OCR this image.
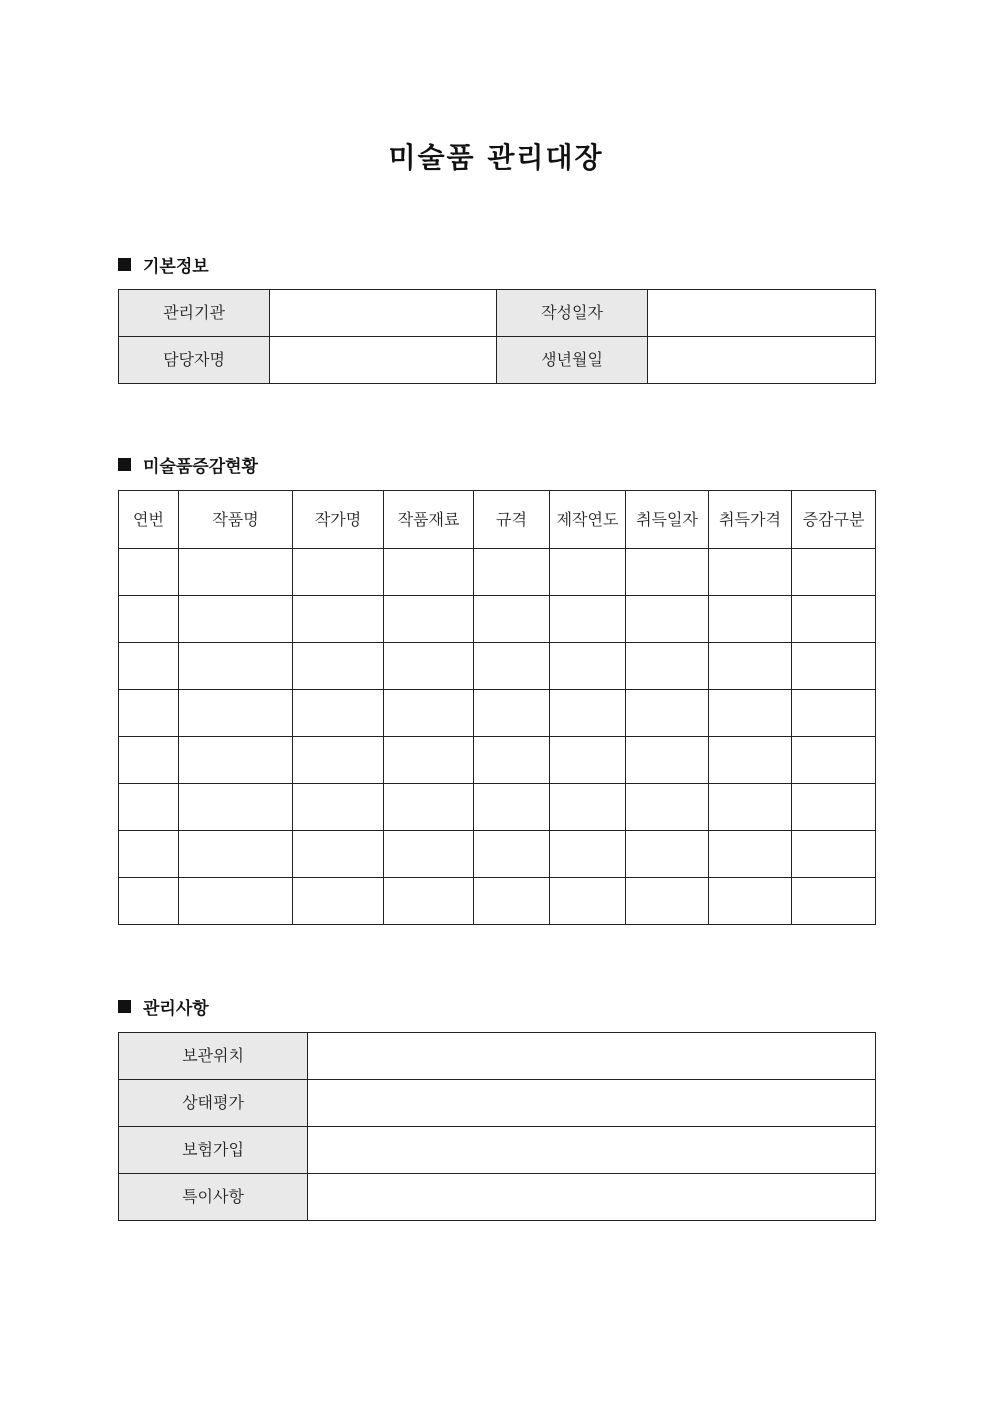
미술품 관리대장
기본정보
관리기관		작성일자	
담당자명		생년월일	
미술품증감현황
연번	작품명	작가명	작품재료	규격	제작연도	취득일자	취득가격	증감구분

관리사항
보관위치	
상태평가	
보험가입	
특이사항	
